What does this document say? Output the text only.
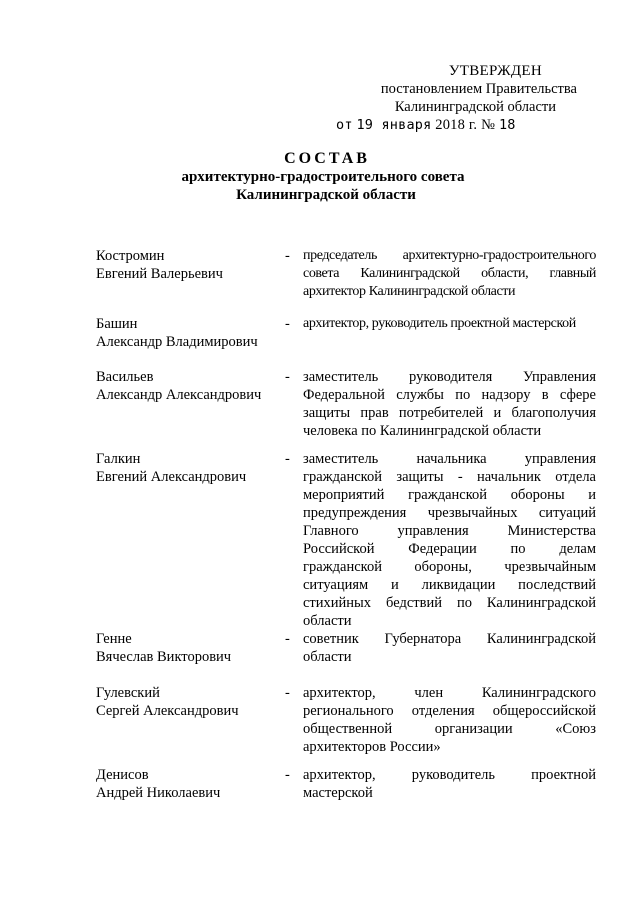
УТВЕРЖДЕН
постановлением Правительства
Калининградской области
от 19 января 2018 г. № 18
СОСТАВ
архитектурно-градостроительного совета
Калининградской области
Костромин
Евгений Валерьевич
- председатель архитектурно-градостроительного
совета Калининградской области, главный
архитектор Калининградской области
Башин
Александр Владимирович
- архитектор, руководитель проектной мастерской
Васильев
Александр Александрович
- заместитель руководителя Управления
Федеральной службы по надзору в сфере
защиты прав потребителей и благополучия
человека по Калининградской области
Галкин
Евгений Александрович
- заместитель начальника управления
гражданской защиты - начальник отдела
мероприятий гражданской обороны и
предупреждения чрезвычайных ситуаций
Главного управления Министерства
Российской Федерации по делам
гражданской обороны, чрезвычайным
ситуациям и ликвидации последствий
стихийных бедствий по Калининградской
области
Генне
Вячеслав Викторович
- советник Губернатора Калининградской
области
Гулевский
Сергей Александрович
- архитектор, член Калининградского
регионального отделения общероссийской
общественной организации «Союз
архитекторов России»
Денисов
Андрей Николаевич
- архитектор, руководитель проектной
мастерской
